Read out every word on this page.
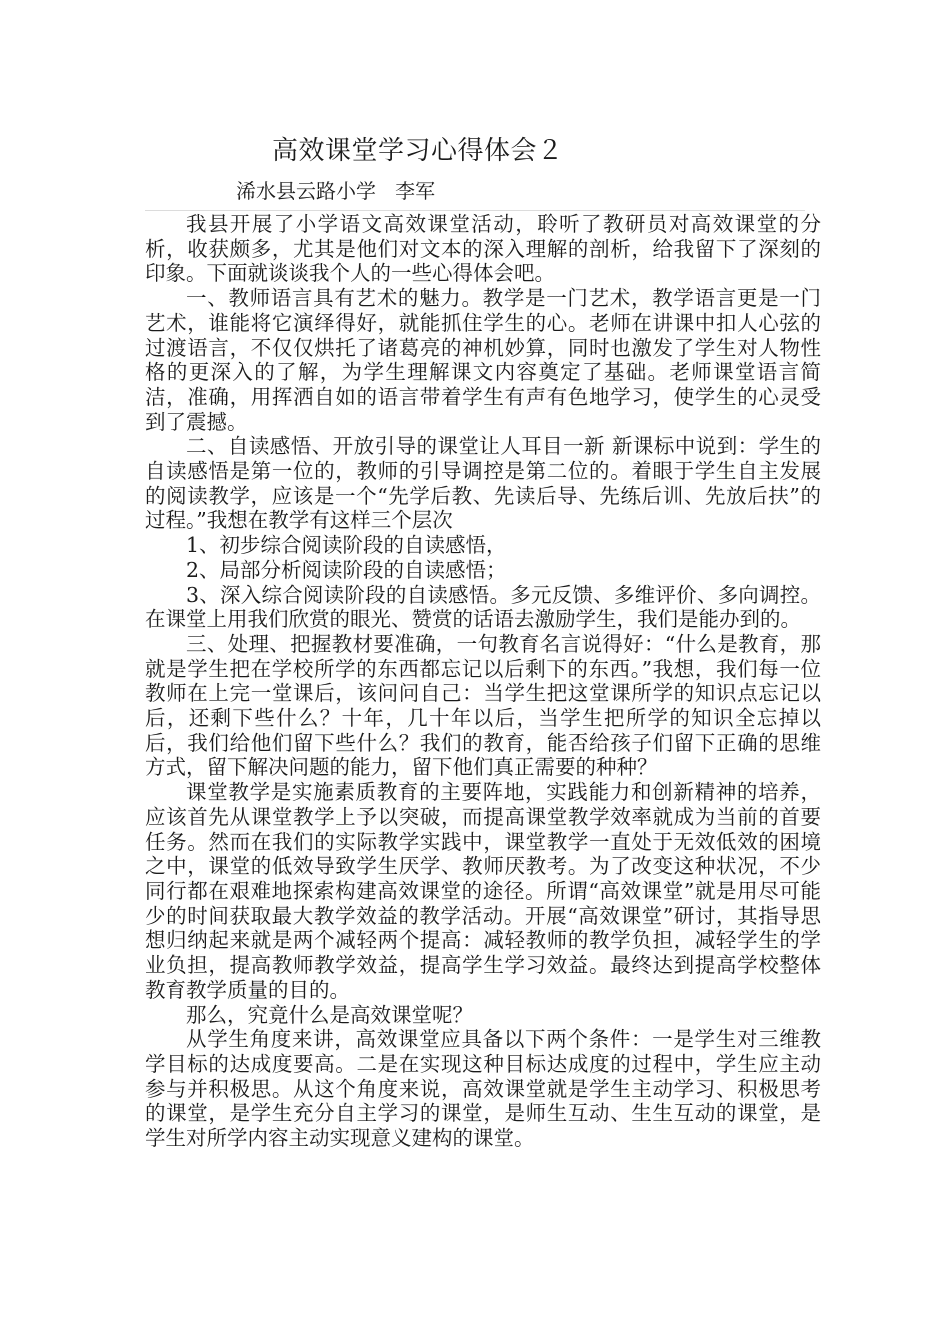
高效课堂学习心得体会２
浠水县云路小学   李军

我县开展了小学语文高效课堂活动，聆听了教研员对高效课堂的分析，收获颇多，尤其是他们对文本的深入理解的剖析，给我留下了深刻的印象。下面就谈谈我个人的一些心得体会吧。

一、教师语言具有艺术的魅力。教学是一门艺术，教学语言更是一门艺术，谁能将它演绎得好，就能抓住学生的心。老师在讲课中扣人心弦的过渡语言，不仅仅烘托了诸葛亮的神机妙算，同时也激发了学生对人物性格的更深入的了解，为学生理解课文内容奠定了基础。老师课堂语言简洁，准确，用挥洒自如的语言带着学生有声有色地学习，使学生的心灵受到了震撼。

二、自读感悟、开放引导的课堂让人耳目一新 新课标中说到：学生的自读感悟是第一位的，教师的引导调控是第二位的。着眼于学生自主发展的阅读教学，应该是一个“先学后教、先读后导、先练后训、先放后扶”的过程。”我想在教学有这样三个层次

1、初步综合阅读阶段的自读感悟，

2、局部分析阅读阶段的自读感悟；

3、深入综合阅读阶段的自读感悟。多元反馈、多维评价、多向调控。在课堂上用我们欣赏的眼光、赞赏的话语去激励学生，我们是能办到的。

三、处理、把握教材要准确，一句教育名言说得好：“什么是教育，那就是学生把在学校所学的东西都忘记以后剩下的东西。”我想，我们每一位教师在上完一堂课后，该问问自己：当学生把这堂课所学的知识点忘记以后，还剩下些什么？十年，几十年以后，当学生把所学的知识全忘掉以后，我们给他们留下些什么？我们的教育，能否给孩子们留下正确的思维方式，留下解决问题的能力，留下他们真正需要的种种？

课堂教学是实施素质教育的主要阵地，实践能力和创新精神的培养，应该首先从课堂教学上予以突破，而提高课堂教学效率就成为当前的首要任务。然而在我们的实际教学实践中，课堂教学一直处于无效低效的困境之中，课堂的低效导致学生厌学、教师厌教考。为了改变这种状况，不少同行都在艰难地探索构建高效课堂的途径。所谓“高效课堂”就是用尽可能少的时间获取最大教学效益的教学活动。开展“高效课堂”研讨，其指导思想归纳起来就是两个减轻两个提高：减轻教师的教学负担，减轻学生的学业负担，提高教师教学效益，提高学生学习效益。最终达到提高学校整体教育教学质量的目的。

那么，究竟什么是高效课堂呢？

从学生角度来讲，高效课堂应具备以下两个条件：一是学生对三维教学目标的达成度要高。二是在实现这种目标达成度的过程中，学生应主动参与并积极思。从这个角度来说，高效课堂就是学生主动学习、积极思考的课堂，是学生充分自主学习的课堂，是师生互动、生生互动的课堂，是学生对所学内容主动实现意义建构的课堂。
